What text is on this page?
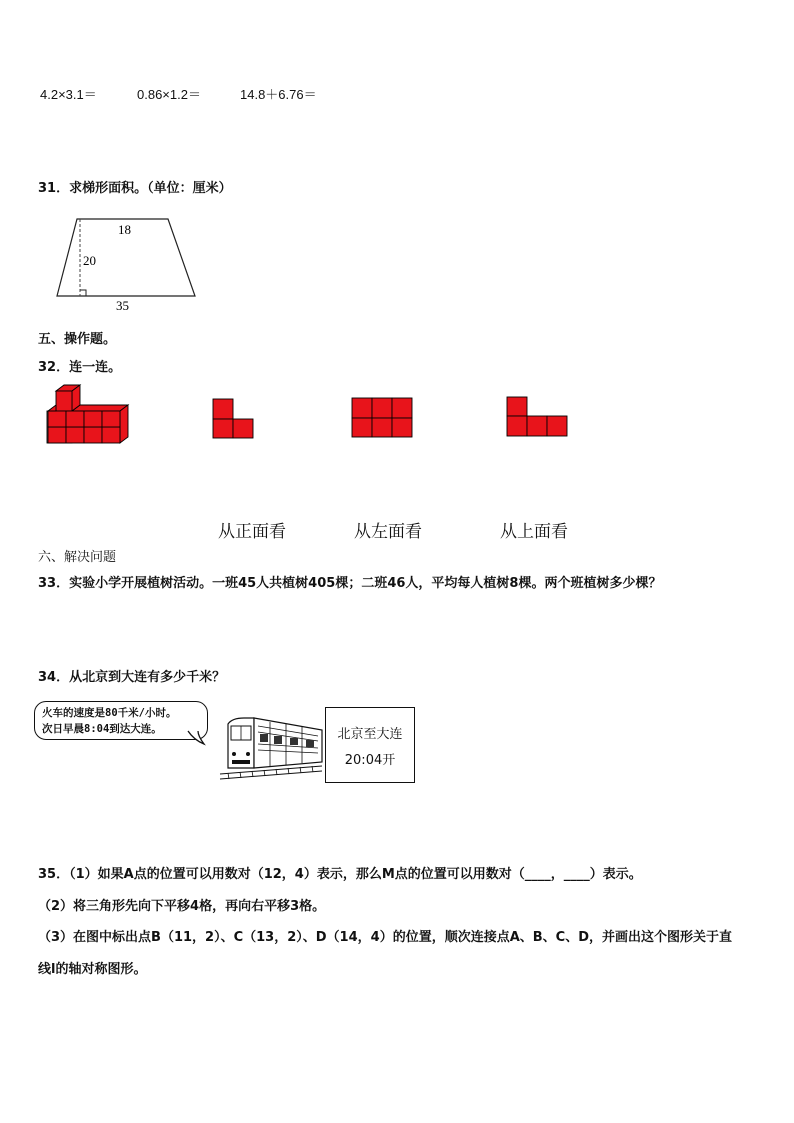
4.2×3.1＝	0.86×1.2＝	14.8＋6.76＝
31．求梯形面积。（单位：厘米）
18
20
35
五、操作题。
32．连一连。
从正面看	从左面看	从上面看
六、解决问题
33．实验小学开展植树活动。一班45人共植树405棵；二班46人，平均每人植树8棵。两个班植树多少棵？
34．从北京到大连有多少千米？
火车的速度是80千米/小时。
次日早晨8:04到达大连。	北京至大连
20:04开
35．（1）如果A点的位置可以用数对（12，4）表示，那么M点的位置可以用数对（____，____）表示。
（2）将三角形先向下平移4格，再向右平移3格。
（3）在图中标出点B（11，2）、C（13，2）、D（14，4）的位置，顺次连接点A、B、C、D，并画出这个图形关于直
线l的轴对称图形。
